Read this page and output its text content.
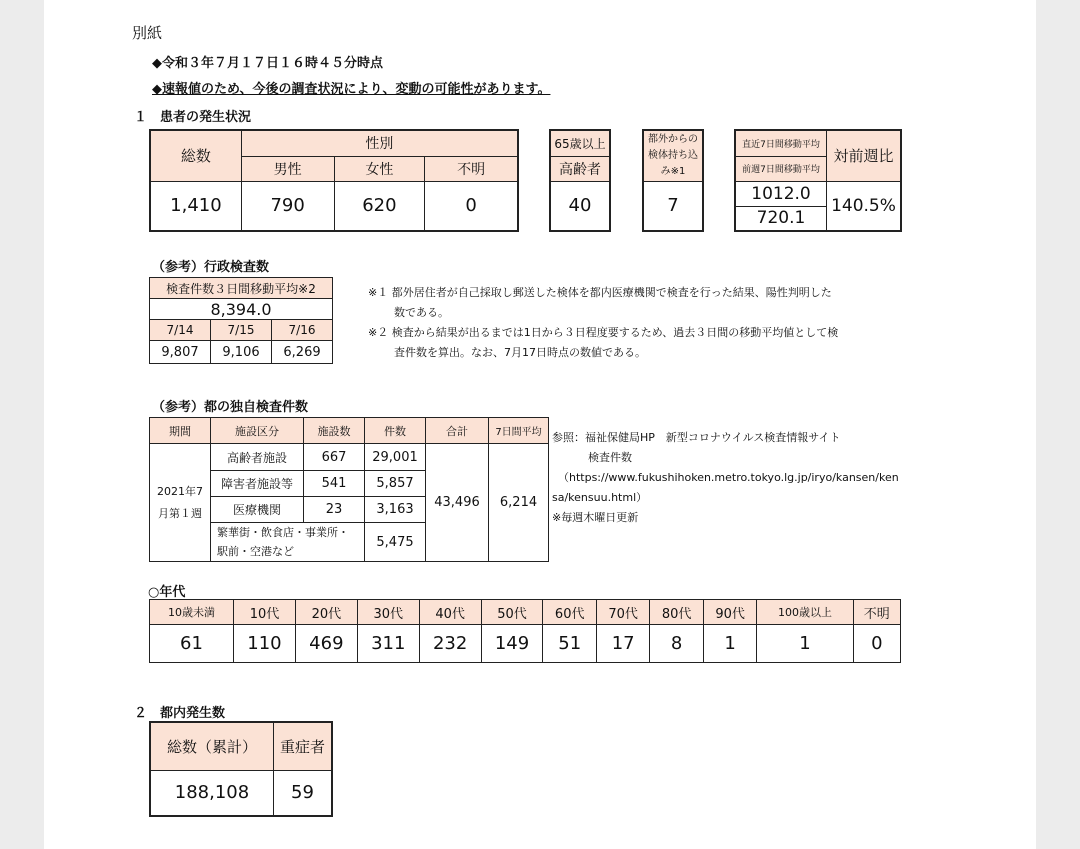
別紙
◆令和３年７月１７日１６時４５分時点
◆速報値のため、今後の調査状況により、変動の可能性があります。
１　患者の発生状況
総数	性別		
	男性	女性	不明
1,410	790	620	0
65歳以上
高齢者
40
都外からの
検体持ち込
み※1

7
直近7日間移動平均	対前週比
前週7日間移動平均	
1012.0	140.5%
720.1	
（参考）行政検査数
検査件数３日間移動平均※2		
8,394.0		
7/14	7/15	7/16
9,807	9,106	6,269
※１ 都外居住者が自己採取し郵送した検体を都内医療機関で検査を行った結果、陽性判明した
数である。
※２ 検査から結果が出るまでは1日から３日程度要するため、過去３日間の移動平均値として検
査件数を算出。なお、7月17日時点の数値である。
（参考）都の独自検査件数
期間	施設区分	施設数	件数	合計	7日間平均

2021年7
月第１週	高齢者施設	667	29,001	43,496	6,214
	障害者施設等	541	5,857		
	医療機関	23	3,163		

	繁華街・飲食店・事業所・
駅前・空港など		5,475		
参照：福祉保健局HP　新型コロナウイルス検査情報サイト
検査件数
（https://www.fukushihoken.metro.tokyo.lg.jp/iryo/kansen/ken
sa/kensuu.html）
※毎週木曜日更新
○年代
10歳未満	10代	20代	30代	40代	50代	60代	70代	80代	90代	100歳以上	不明
61	110	469	311	232	149	51	17	8	1	1	0
２　都内発生数
総数（累計）	重症者
188,108	59
